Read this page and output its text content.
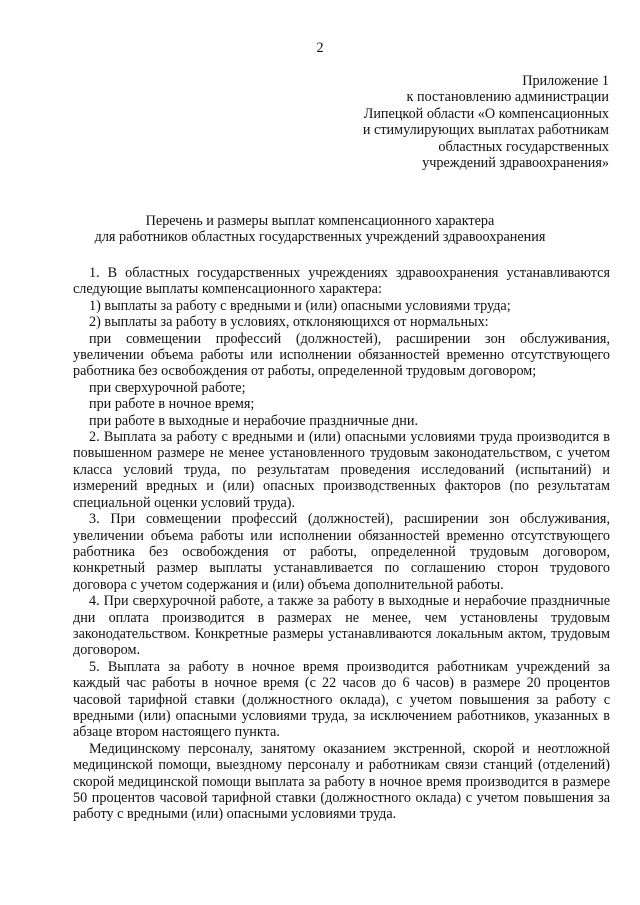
2
Приложение 1
к постановлению администрации
Липецкой области «О компенсационных
и стимулирующих выплатах работникам
областных государственных
учреждений здравоохранения»
Перечень и размеры выплат компенсационного характера
для работников областных государственных учреждений здравоохранения

1. В областных государственных учреждениях здравоохранения устанавливаются следующие выплаты компенсационного характера:

1) выплаты за работу с вредными и (или) опасными условиями труда;

2) выплаты за работу в условиях, отклоняющихся от нормальных:

при совмещении профессий (должностей), расширении зон обслуживания, увеличении объема работы или исполнении обязанностей временно отсутствующего работника без освобождения от работы, определенной трудовым договором;

при сверхурочной работе;

при работе в ночное время;

при работе в выходные и нерабочие праздничные дни.

2. Выплата за работу с вредными и (или) опасными условиями труда производится в повышенном размере не менее установленного трудовым законодательством, с учетом класса условий труда, по результатам проведения исследований (испытаний) и измерений вредных и (или) опасных производственных факторов (по результатам специальной оценки условий труда).

3. При совмещении профессий (должностей), расширении зон обслуживания, увеличении объема работы или исполнении обязанностей временно отсутствующего работника без освобождения от работы, определенной трудовым договором, конкретный размер выплаты устанавливается по соглашению сторон трудового договора с учетом содержания и (или) объема дополнительной работы.

4. При сверхурочной работе, а также за работу в выходные и нерабочие праздничные дни оплата производится в размерах не менее, чем установлены трудовым законодательством. Конкретные размеры устанавливаются локальным актом, трудовым договором.

5. Выплата за работу в ночное время производится работникам учреждений за каждый час работы в ночное время (с 22 часов до 6 часов) в размере 20 процентов часовой тарифной ставки (должностного оклада), с учетом повышения за работу с вредными (или) опасными условиями труда, за исключением работников, указанных в абзаце втором настоящего пункта.

Медицинскому персоналу, занятому оказанием экстренной, скорой и неотложной медицинской помощи, выездному персоналу и работникам связи станций (отделений) скорой медицинской помощи выплата за работу в ночное время производится в размере 50 процентов часовой тарифной ставки (должностного оклада) с учетом повышения за работу с вредными (или) опасными условиями труда.
